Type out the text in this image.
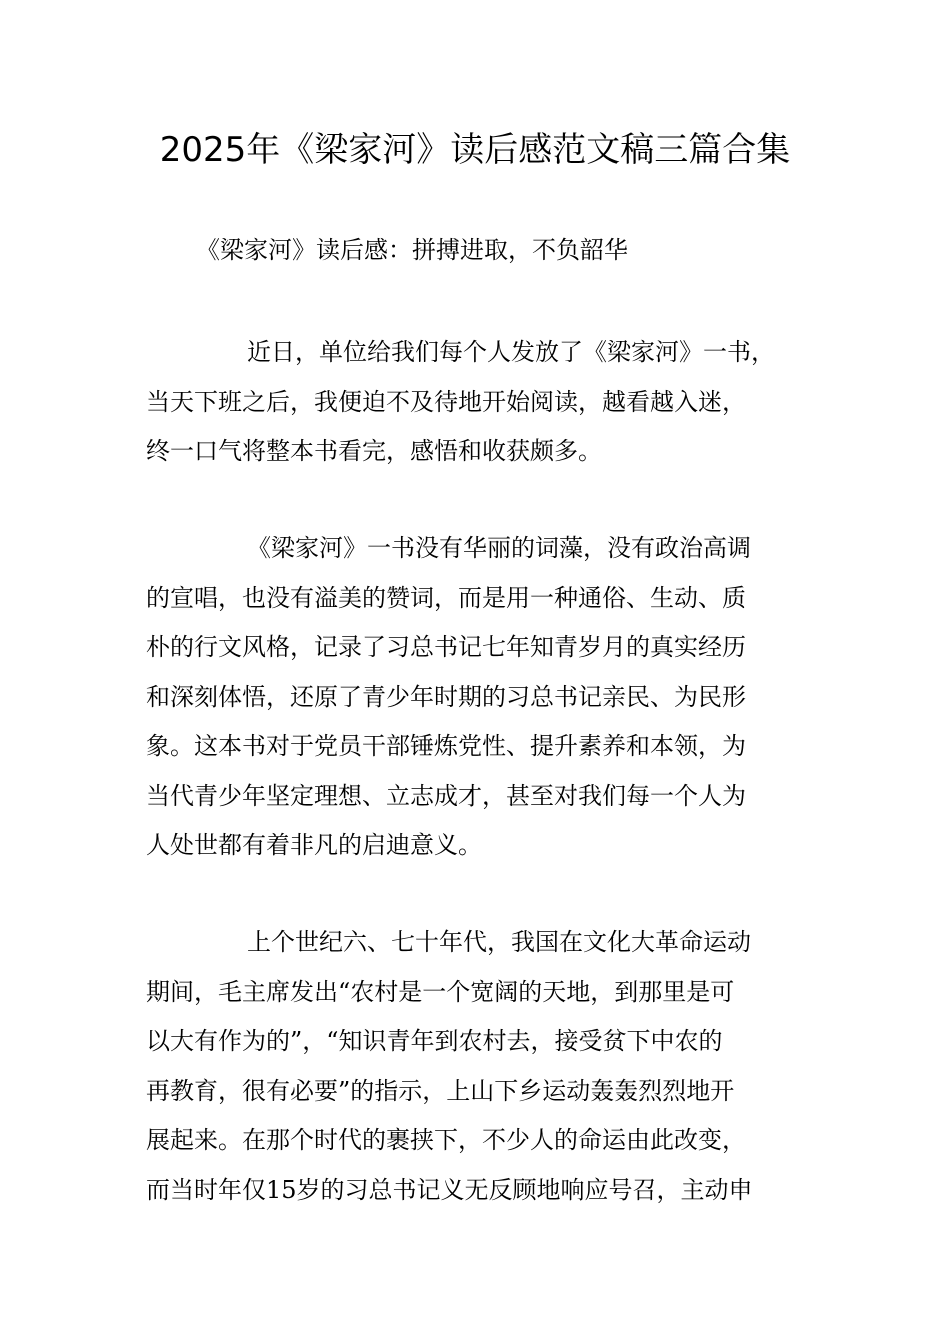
2025年《梁家河》读后感范文稿三篇合集

《梁家河》读后感：拼搏进取，不负韶华

近日，单位给我们每个人发放了《梁家河》一书，
当天下班之后，我便迫不及待地开始阅读，越看越入迷，
终一口气将整本书看完，感悟和收获颇多。

《梁家河》一书没有华丽的词藻，没有政治高调
的宣唱，也没有溢美的赞词，而是用一种通俗、生动、质
朴的行文风格，记录了习总书记七年知青岁月的真实经历
和深刻体悟，还原了青少年时期的习总书记亲民、为民形
象。这本书对于党员干部锤炼党性、提升素养和本领，为
当代青少年坚定理想、立志成才，甚至对我们每一个人为
人处世都有着非凡的启迪意义。

上个世纪六、七十年代，我国在文化大革命运动
期间，毛主席发出“农村是一个宽阔的天地，到那里是可
以大有作为的”，“知识青年到农村去，接受贫下中农的
再教育，很有必要”的指示，上山下乡运动轰轰烈烈地开
展起来。在那个时代的裹挟下，不少人的命运由此改变，
而当时年仅15岁的习总书记义无反顾地响应号召，主动申
